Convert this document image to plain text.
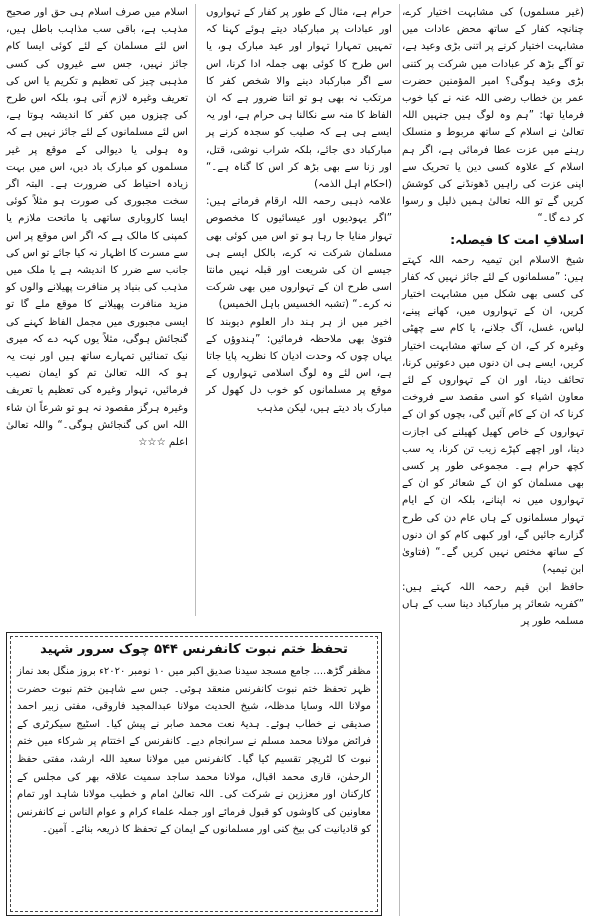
(غیر مسلموں) کی مشابہت اختیار کرے، چنانچہ کفار کے ساتھ محض عادات میں مشابہت اختیار کرنے پر اتنی بڑی وعید ہے، تو آگے بڑھ کر عبادات میں شرکت پر کتنی بڑی وعید ہوگی؟ امیر المؤمنین حضرت عمر بن خطاب رضی اللہ عنہ نے کیا خوب فرمایا تھا: ”ہم وہ لوگ ہیں جنہیں اللہ تعالیٰ نے اسلام کے ساتھ مربوط و منسلک رہنے میں عزت عطا فرمائی ہے، اگر ہم اسلام کے علاوہ کسی دین یا تحریک سے اپنی عزت کی راہیں ڈھونڈنے کی کوشش کریں گے تو اللہ تعالیٰ ہمیں ذلیل و رسوا کر دے گا۔“

اسلافِ امت کا فیصلہ:

شیخ الاسلام ابن تیمیہ رحمہ اللہ کہتے ہیں: ”مسلمانوں کے لئے جائز نہیں کہ کفار کی کسی بھی شکل میں مشابہت اختیار کریں، ان کے تہواروں میں، کھانے پینے، لباس، غسل، آگ جلانے، یا کام سے چھٹی وغیرہ کر کے، ان کے ساتھ مشابہت اختیار کریں، ایسے ہی ان دنوں میں دعوتیں کرنا، تحائف دینا، اور ان کے تہواروں کے لئے معاون اشیاء کو اسی مقصد سے فروخت کرنا کہ ان کے کام آئیں گی، بچوں کو ان کے تہواروں کے خاص کھیل کھیلنے کی اجازت دینا، اور اچھے کپڑے زیب تن کرنا، یہ سب کچھ حرام ہے۔ مجموعی طور پر کسی بھی مسلمان کو ان کے شعائر کو ان کے تہواروں میں نہ اپنانے، بلکہ ان کے ایام تہوار مسلمانوں کے ہاں عام دن کی طرح گزارے جائیں گے، اور کبھی کام کو ان دنوں کے ساتھ مختص نہیں کریں گے۔“ (فتاویٰ ابن تیمیہ)

حافظ ابن قیم رحمہ اللہ کہتے ہیں: ”کفریہ شعائر پر مبارکباد دینا سب کے ہاں مسلمہ طور پر

حرام ہے، مثال کے طور پر کفار کے تہواروں اور عبادات پر مبارکباد دیتے ہوئے کہنا کہ تمہیں تمہارا تہوار اور عید مبارک ہو، یا اس طرح کا کوئی بھی جملہ ادا کرنا، اس سے اگر مبارکباد دینے والا شخص کفر کا مرتکب نہ بھی ہو تو اتنا ضرور ہے کہ ان الفاظ کا منہ سے نکالنا ہی حرام ہے، اور یہ ایسے ہی ہے کہ صلیب کو سجدہ کرنے پر مبارکباد دی جائے، بلکہ شراب نوشی، قتل، اور زنا سے بھی بڑھ کر اس کا گناہ ہے۔“ (احکام اہل الذمہ)

علامہ ذہبی رحمہ اللہ ارقام فرماتے ہیں: ”اگر یہودیوں اور عیسائیوں کا مخصوص تہوار منایا جا رہا ہو تو اس میں کوئی بھی مسلمان شرکت نہ کرے، بالکل ایسے ہی جیسے ان کی شریعت اور قبلہ نہیں مانتا اسی طرح ان کے تہواروں میں بھی شرکت نہ کرے۔“ (تشبہ الخسیس باہل الخمیس)

اخیر میں از ہر ہند دار العلوم دیوبند کا فتویٰ بھی ملاحظہ فرمائیں: ”ہندوؤں کے یہاں چوں کہ وحدت ادیان کا نظریہ پایا جاتا ہے، اس لئے وہ لوگ اسلامی تہواروں کے موقع پر مسلمانوں کو خوب دل کھول کر مبارک باد دیتے ہیں، لیکن مذہب

اسلام میں صرف اسلام ہی حق اور صحیح مذہب ہے، باقی سب مذاہب باطل ہیں، اس لئے مسلمان کے لئے کوئی ایسا کام جائز نہیں، جس سے غیروں کی کسی مذہبی چیز کی تعظیم و تکریم یا اس کی تعریف وغیرہ لازم آتی ہو، بلکہ اس طرح کی چیزوں میں کفر کا اندیشہ ہوتا ہے، اس لئے مسلمانوں کے لئے جائز نہیں ہے کہ وہ ہولی یا دیوالی کے موقع پر غیر مسلموں کو مبارک باد دیں، اس میں بہت زیادہ احتیاط کی ضرورت ہے۔ البتہ اگر سخت مجبوری کی صورت ہو مثلاً کوئی ایسا کاروباری ساتھی یا ماتحت ملازم یا کمپنی کا مالک ہے کہ اگر اس موقع پر اس سے مسرت کا اظہار نہ کیا جائے تو اس کی جانب سے ضرر کا اندیشہ ہے یا ملک میں مذہب کی بنیاد پر منافرت پھیلانے والوں کو مزید منافرت پھیلانے کا موقع ملے گا تو ایسی مجبوری میں مجمل الفاظ کہنے کی گنجائش ہوگی، مثلاً یوں کہہ دے کہ میری نیک تمنائیں تمہارے ساتھ ہیں اور نیت یہ ہو کہ اللہ تعالیٰ تم کو ایمان نصیب فرمائیں، تہوار وغیرہ کی تعظیم یا تعریف وغیرہ ہرگز مقصود نہ ہو تو شرعاً ان شاء اللہ اس کی گنجائش ہوگی۔“ واللہ تعالیٰ اعلم ☆☆☆

تحفظ ختم نبوت کانفرنس ۵۴۴ چوک سرور شہید

مظفر گڑھ.... جامع مسجد سیدنا صدیق اکبر میں ۱۰ نومبر ۲۰۲۰ء بروز منگل بعد نماز ظہر تحفظ ختم نبوت کانفرنس منعقد ہوئی۔ جس سے شاہین ختم نبوت حضرت مولانا اللہ وسایا مدظلہ، شیخ الحدیث مولانا عبدالمجید فاروقی، مفتی زبیر احمد صدیقی نے خطاب ہوئے۔ ہدیۂ نعت محمد صابر نے پیش کیا۔ اسٹیج سیکرٹری کے فرائض مولانا محمد مسلم نے سرانجام دیے۔ کانفرنس کے اختتام پر شرکاء میں ختم نبوت کا لٹریچر تقسیم کیا گیا۔ کانفرنس میں مولانا سعید اللہ ارشد، مفتی حفظ الرحمٰن، قاری محمد اقبال، مولانا محمد ساجد سمیت علاقہ بھر کی مجلس کے کارکنان اور معززین نے شرکت کی۔ اللہ تعالیٰ امام و خطیب مولانا شاہد اور تمام معاونین کی کاوشوں کو قبول فرمائے اور جملہ علماء کرام و عوام الناس نے کانفرنس کو قادیانیت کی بیخ کنی اور مسلمانوں کے ایمان کے تحفظ کا ذریعہ بنائے۔ آمین۔
